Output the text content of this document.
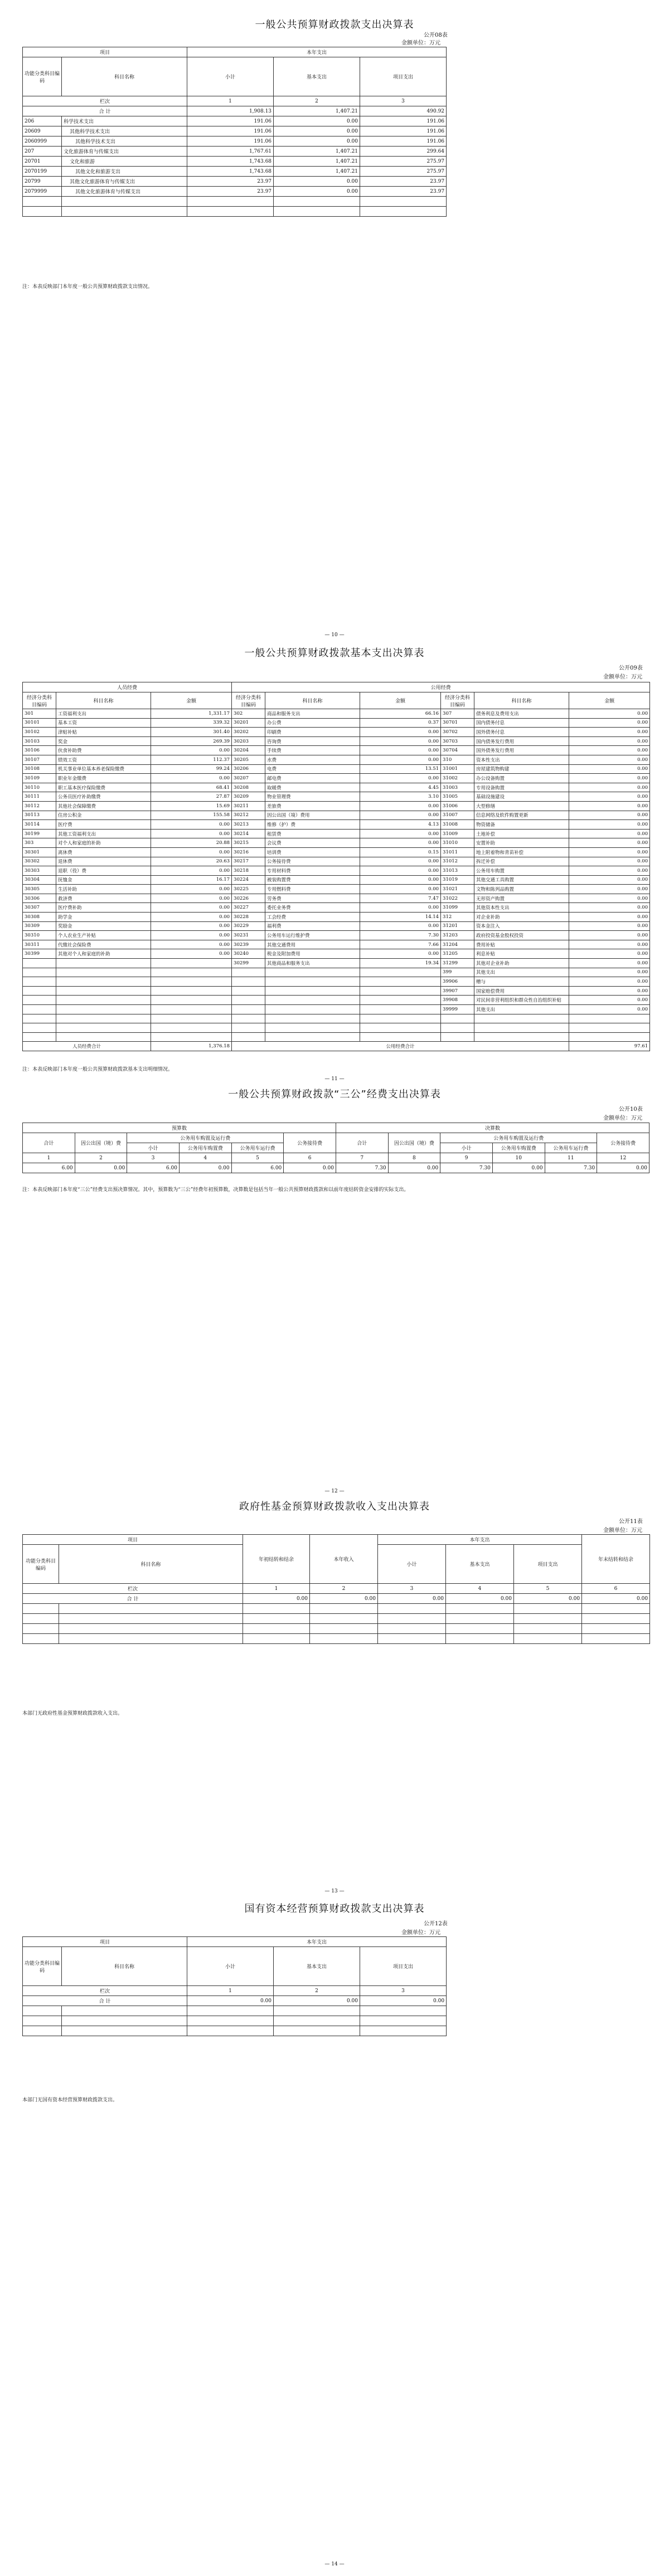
一般公共预算财政拨款支出决算表
公开08表
金额单位：万元
项目		本年支出		
功能分类科目编码	科目名称	小计	基本支出	项目支出
栏次		1	2	3
合 计		1,908.13	1,407.21	490.92
206	科学技术支出	191.06	0.00	191.06
20609	其他科学技术支出	191.06	0.00	191.06
2060999	其他科学技术支出	191.06	0.00	191.06
207	文化旅游体育与传媒支出	1,767.61	1,407.21	299.64
20701	文化和旅游	1,743.68	1,407.21	275.97
2070199	其他文化和旅游支出	1,743.68	1,407.21	275.97
20799	其他文化旅游体育与传媒支出	23.97	0.00	23.97
2079999	其他文化旅游体育与传媒支出	23.97	0.00	23.97

注：本表反映部门本年度一般公共预算财政拨款支出情况。
— 10 —
一般公共预算财政拨款基本支出决算表
公开09表
金额单位：万元
人员经费			公用经费					
经济分类科目编码	科目名称	金额	经济分类科目编码	科目名称	金额	经济分类科目编码	科目名称	金额
301	工资福利支出	1,331.17	302	商品和服务支出	66.16	307	债务利息及费用支出	0.00
30101	基本工资	339.32	30201	办公费	0.37	30701	国内债务付息	0.00
30102	津贴补贴	301.40	30202	印刷费	0.00	30702	国外债务付息	0.00
30103	奖金	269.39	30203	咨询费	0.00	30703	国内债务发行费用	0.00
30106	伙食补助费	0.00	30204	手续费	0.00	30704	国外债务发行费用	0.00
30107	绩效工资	112.37	30205	水费	0.00	310	资本性支出	0.00
30108	机关事业单位基本养老保险缴费	99.24	30206	电费	13.51	31001	房屋建筑物购建	0.00
30109	职业年金缴费	0.00	30207	邮电费	0.00	31002	办公设备购置	0.00
30110	职工基本医疗保险缴费	68.41	30208	取暖费	4.45	31003	专用设备购置	0.00
30111	公务员医疗补助缴费	27.87	30209	物业管理费	3.10	31005	基础设施建设	0.00
30112	其他社会保障缴费	15.69	30211	差旅费	0.00	31006	大型修缮	0.00
30113	住房公积金	155.58	30212	因公出国（境）费用	0.00	31007	信息网络及软件购置更新	0.00
30114	医疗费	0.00	30213	维修（护）费	4.13	31008	物资储备	0.00
30199	其他工资福利支出	0.00	30214	租赁费	0.00	31009	土地补偿	0.00
303	对个人和家庭的补助	20.88	30215	会议费	0.00	31010	安置补助	0.00
30301	离休费	0.00	30216	培训费	0.15	31011	地上附着物和青苗补偿	0.00
30302	退休费	20.63	30217	公务接待费	0.00	31012	拆迁补偿	0.00
30303	退职（役）费	0.00	30218	专用材料费	0.00	31013	公务用车购置	0.00
30304	抚恤金	16.17	30224	被装购置费	0.00	31019	其他交通工具购置	0.00
30305	生活补助	0.00	30225	专用燃料费	0.00	31021	文物和陈列品购置	0.00
30306	救济费	0.00	30226	劳务费	7.47	31022	无形资产购置	0.00
30307	医疗费补助	0.00	30227	委托业务费	0.00	31099	其他资本性支出	0.00
30308	助学金	0.00	30228	工会经费	14.14	312	对企业补助	0.00
30309	奖励金	0.00	30229	福利费	0.00	31201	资本金注入	0.00
30310	个人农业生产补贴	0.00	30231	公务用车运行维护费	7.30	31203	政府投资基金股权投资	0.00
30311	代缴社会保险费	0.00	30239	其他交通费用	7.66	31204	费用补贴	0.00
30399	其他对个人和家庭的补助	0.00	30240	税金及附加费用	0.00	31205	利息补贴	0.00
			30299	其他商品和服务支出	19.34	31299	其他对企业补助	0.00
						399	其他支出	0.00
						39906	赠与	0.00
						39907	国家赔偿费用	0.00
						39908	对民间非营利组织和群众性自治组织补贴	0.00
						39999	其他支出	0.00

人员经费合计		1,376.18	公用经费合计					97.61
注：本表反映部门本年度一般公共预算财政拨款基本支出明细情况。
— 11 —
一般公共预算财政拨款“三公”经费支出决算表
公开10表
金额单位：万元
预算数						决算数					
合计	因公出国（境）费	公务用车购置及运行费			公务接待费	合计	因公出国（境）费	公务用车购置及运行费			公务接待费
		小计	公务用车购置费	公务用车运行费				小计	公务用车购置费	公务用车运行费	
1	2	3	4	5	6	7	8	9	10	11	12
6.00	0.00	6.00	0.00	6.00	0.00	7.30	0.00	7.30	0.00	7.30	0.00
注：本表反映部门本年度“三公”经费支出预决算情况。其中，预算数为“三公”经费年初预算数，决算数是包括当年一般公共预算财政拨款和以前年度结转资金安排的实际支出。
— 12 —
政府性基金预算财政拨款收入支出决算表
公开11表
金额单位：万元
项目		年初结转和结余	本年收入	本年支出			年末结转和结余
功能分类科目编码	科目名称			小计	基本支出	项目支出	
栏次		1	2	3	4	5	6
合 计		0.00	0.00	0.00	0.00	0.00	0.00

本部门无政府性基金预算财政拨款收入支出。
— 13 —
国有资本经营预算财政拨款支出决算表
公开12表
金额单位：万元
项目		本年支出		
功能分类科目编码	科目名称	小计	基本支出	项目支出
栏次		1	2	3
合 计		0.00	0.00	0.00

本部门无国有资本经营预算财政拨款支出。
— 14 —
